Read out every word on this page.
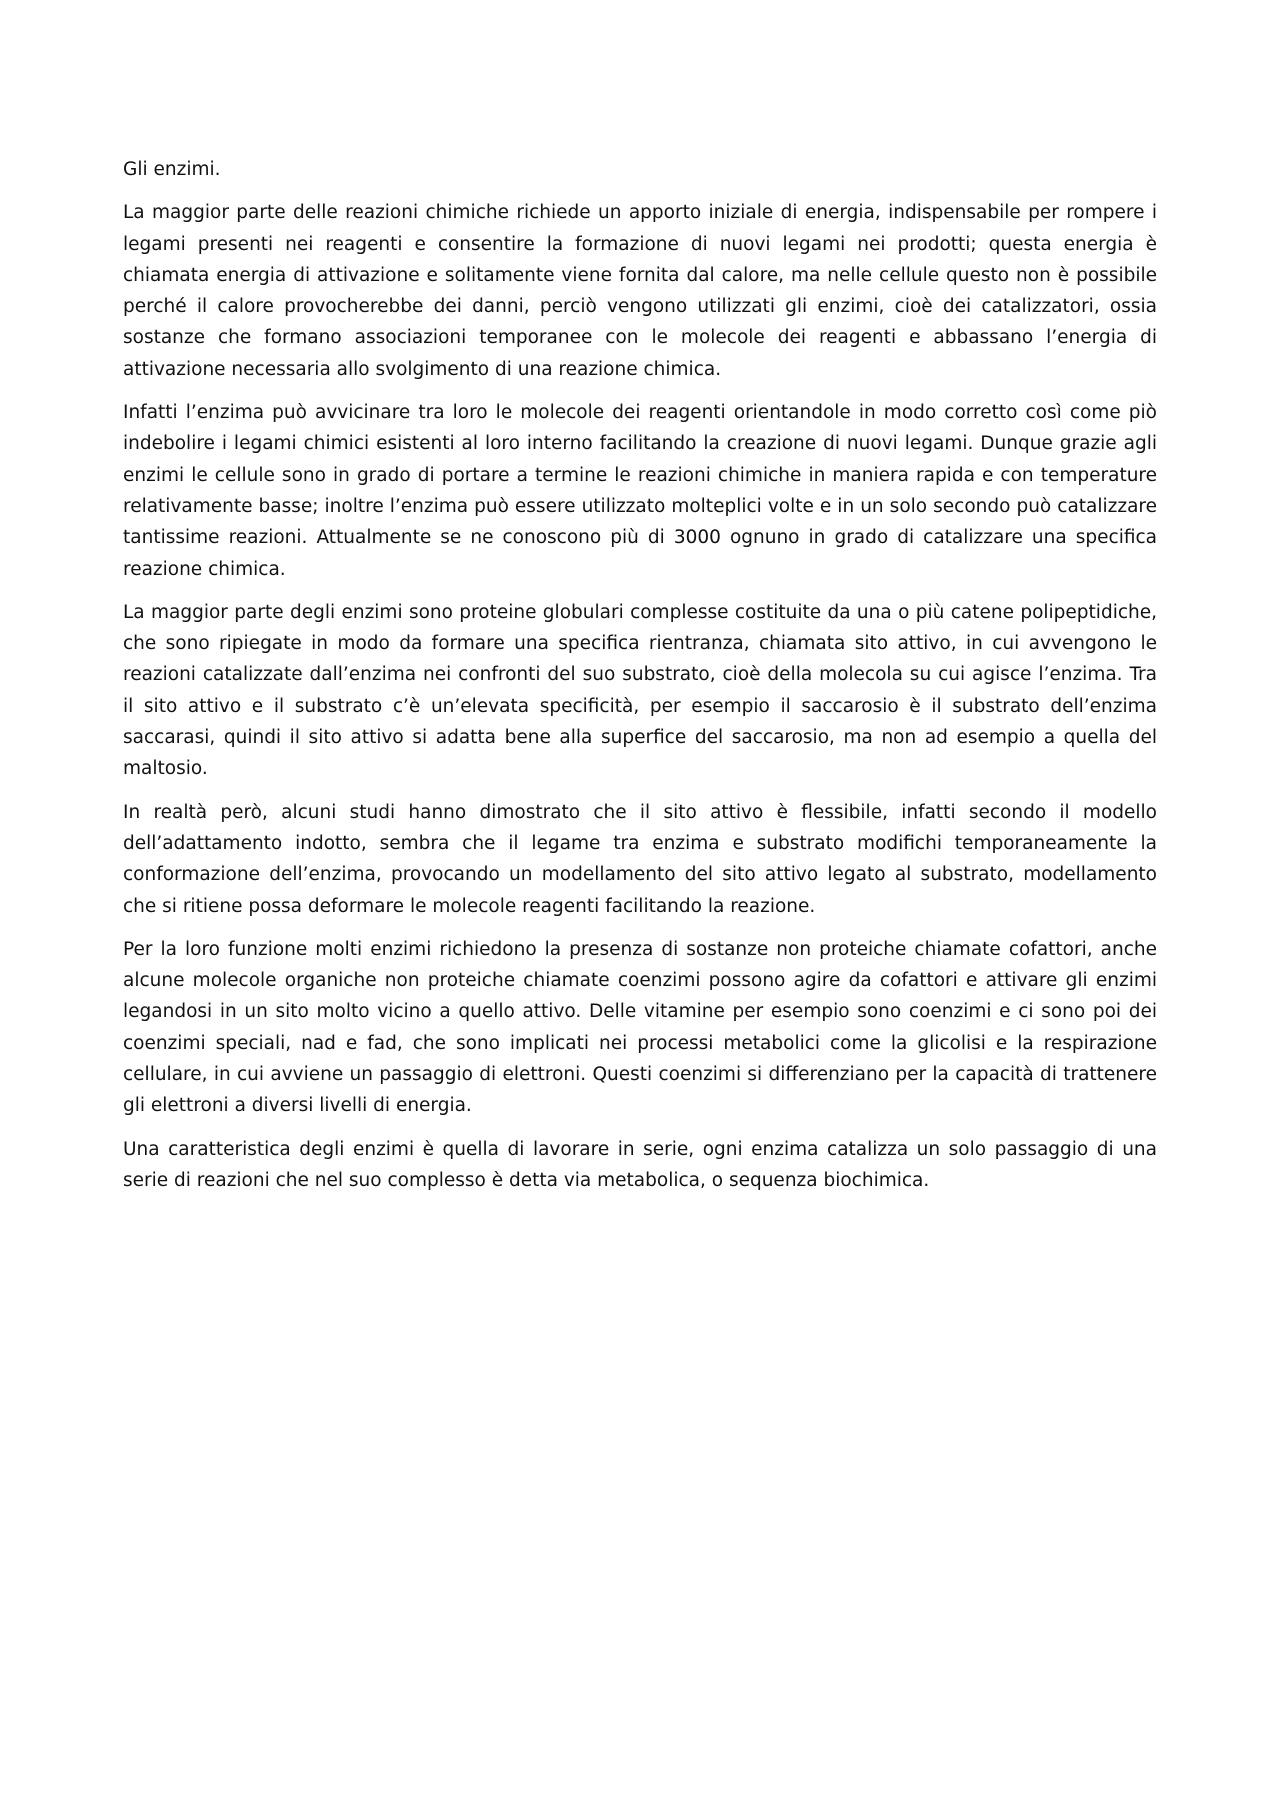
Gli enzimi.

La maggior parte delle reazioni chimiche richiede un apporto iniziale di energia, indispensabile per rompere i legami presenti nei reagenti e consentire la formazione di nuovi legami nei prodotti; questa energia è chiamata energia di attivazione e solitamente viene fornita dal calore, ma nelle cellule questo non è possibile perché il calore provocherebbe dei danni, perciò vengono utilizzati gli enzimi, cioè dei catalizzatori, ossia sostanze che formano associazioni temporanee con le molecole dei reagenti e abbassano l’energia di attivazione necessaria allo svolgimento di una reazione chimica.

Infatti l’enzima può avvicinare tra loro le molecole dei reagenti orientandole in modo corretto così come piò indebolire i legami chimici esistenti al loro interno facilitando la creazione di nuovi legami. Dunque grazie agli enzimi le cellule sono in grado di portare a termine le reazioni chimiche in maniera rapida e con temperature relativamente basse; inoltre l’enzima può essere utilizzato molteplici volte e in un solo secondo può catalizzare tantissime reazioni. Attualmente se ne conoscono più di 3000 ognuno in grado di catalizzare una specifica reazione chimica.

La maggior parte degli enzimi sono proteine globulari complesse costituite da una o più catene polipeptidiche, che sono ripiegate in modo da formare una specifica rientranza, chiamata sito attivo, in cui avvengono le reazioni catalizzate dall’enzima nei confronti del suo substrato, cioè della molecola su cui agisce l’enzima. Tra il sito attivo e il substrato c’è un’elevata specificità, per esempio il saccarosio è il substrato dell’enzima saccarasi, quindi il sito attivo si adatta bene alla superfice del saccarosio, ma non ad esempio a quella del maltosio.

In realtà però, alcuni studi hanno dimostrato che il sito attivo è flessibile, infatti secondo il modello dell’adattamento indotto, sembra che il legame tra enzima e substrato modifichi temporaneamente la conformazione dell’enzima, provocando un modellamento del sito attivo legato al substrato, modellamento che si ritiene possa deformare le molecole reagenti facilitando la reazione.

Per la loro funzione molti enzimi richiedono la presenza di sostanze non proteiche chiamate cofattori, anche alcune molecole organiche non proteiche chiamate coenzimi possono agire da cofattori e attivare gli enzimi legandosi in un sito molto vicino a quello attivo. Delle vitamine per esempio sono coenzimi e ci sono poi dei coenzimi speciali, nad e fad, che sono implicati nei processi metabolici come la glicolisi e la respirazione cellulare, in cui avviene un passaggio di elettroni. Questi coenzimi si differenziano per la capacità di trattenere gli elettroni a diversi livelli di energia.

Una caratteristica degli enzimi è quella di lavorare in serie, ogni enzima catalizza un solo passaggio di una serie di reazioni che nel suo complesso è detta via metabolica, o sequenza biochimica.
